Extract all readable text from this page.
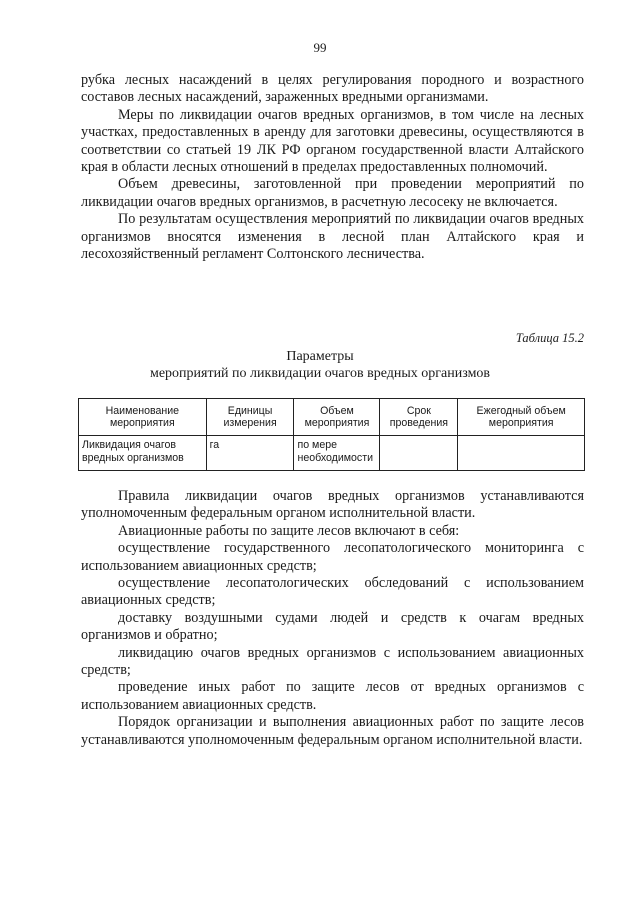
99

рубка лесных насаждений в целях регулирования породного и возрастного составов лесных насаждений, зараженных вредными организмами.

Меры по ликвидации очагов вредных организмов, в том числе на лесных участках, предоставленных в аренду для заготовки древесины, осуществляются в соответствии со статьей 19 ЛК РФ органом государственной власти Алтайского края в области лесных отношений в пределах предоставленных полномочий.

Объем древесины, заготовленной при проведении мероприятий по ликвидации очагов вредных организмов, в расчетную лесосеку не включается.

По результатам осуществления мероприятий по ликвидации очагов вредных организмов вносятся изменения в лесной план Алтайского края и лесохозяйственный регламент Солтонского лесничества.

Таблица 15.2
Параметры
мероприятий по ликвидации очагов вредных организмов
Наименование мероприятия	Единицы измерения	Объем мероприятия	Срок проведения	Ежегодный объем мероприятия
Ликвидация очагов вредных организмов	га	по мере необходимости		

Правила ликвидации очагов вредных организмов устанавливаются уполномоченным федеральным органом исполнительной власти.

Авиационные работы по защите лесов включают в себя:

осуществление государственного лесопатологического мониторинга с использованием авиационных средств;

осуществление лесопатологических обследований с использованием авиационных средств;

доставку воздушными судами людей и средств к очагам вредных организмов и обратно;

ликвидацию очагов вредных организмов с использованием авиационных средств;

проведение иных работ по защите лесов от вредных организмов с использованием авиационных средств.

Порядок организации и выполнения авиационных работ по защите лесов устанавливаются уполномоченным федеральным органом исполнительной власти.
